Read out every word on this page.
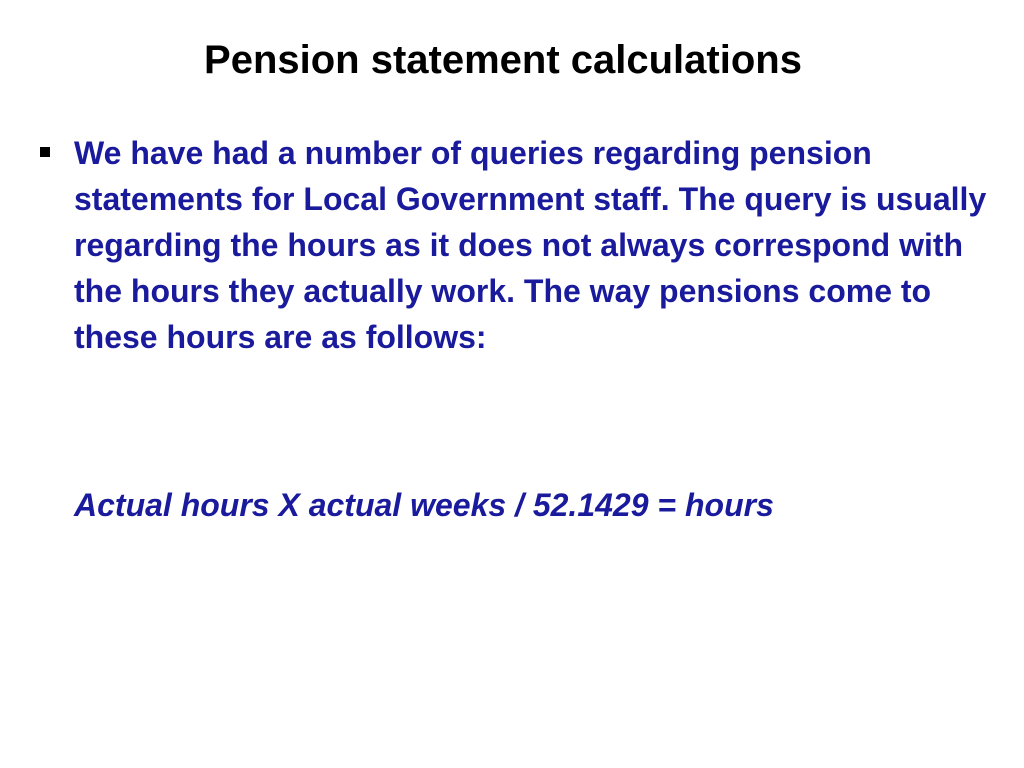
Pension statement calculations

We have had a number of queries regarding pension statements for Local Government staff. The query is usually regarding the hours as it does not always correspond with the hours they actually work. The way pensions come to these hours are as follows:

Actual hours X actual weeks / 52.1429 = hours
